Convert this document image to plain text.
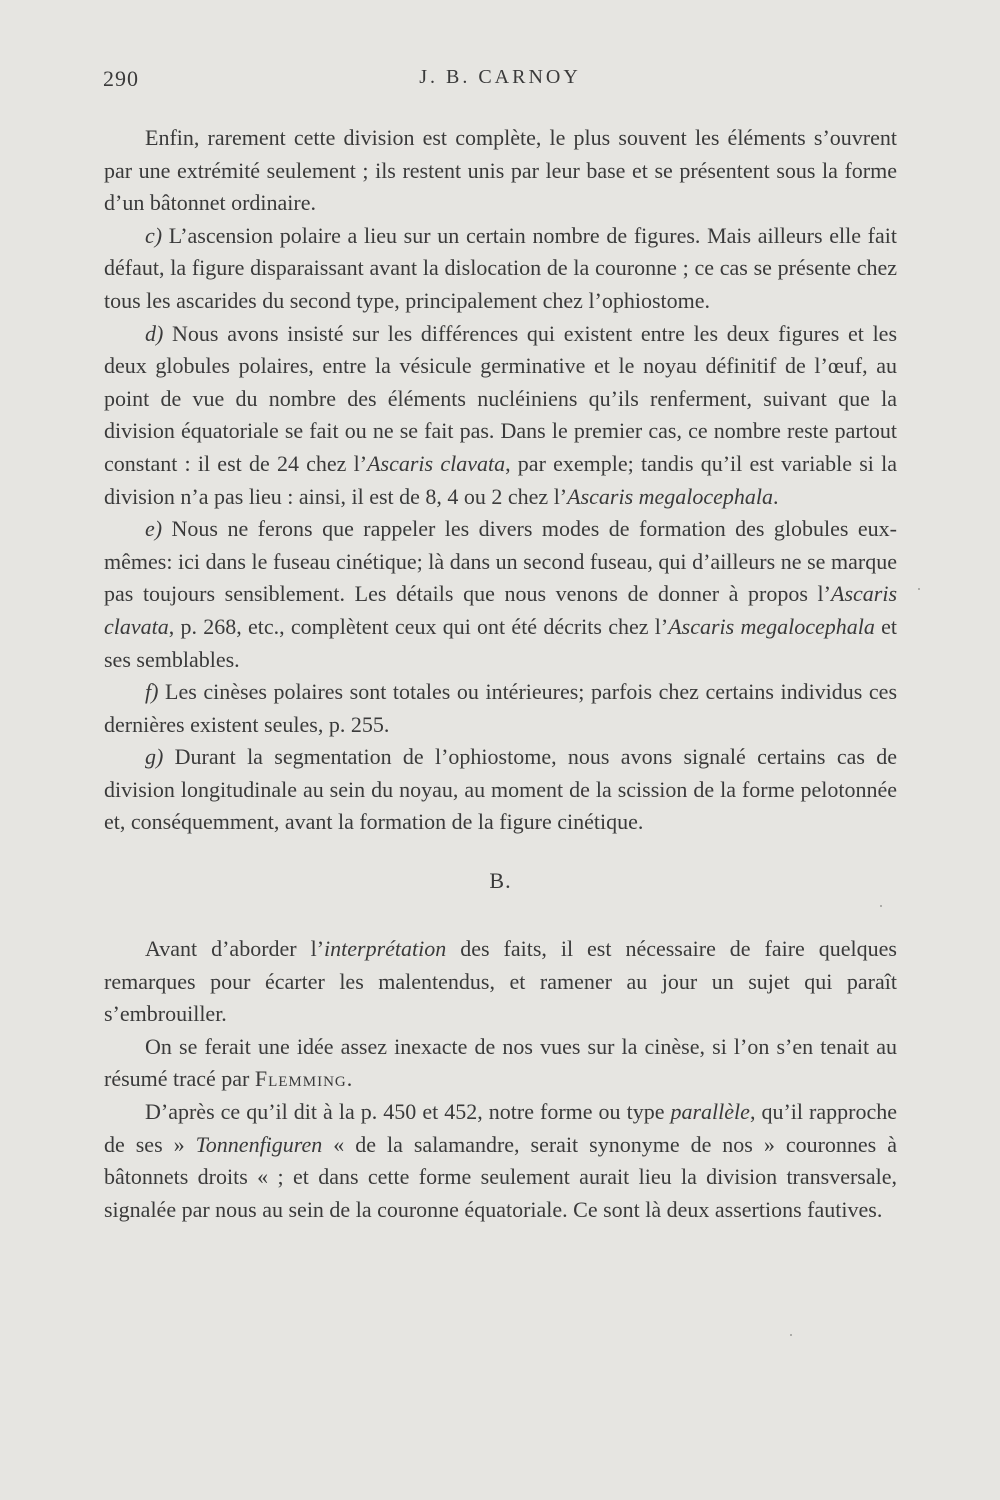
290	J. B. CARNOY

Enfin, rarement cette division est complète, le plus souvent les éléments s’ouvrent par une extrémité seulement ; ils restent unis par leur base et se présentent sous la forme d’un bâtonnet ordinaire.

c) L’ascension polaire a lieu sur un certain nombre de figures. Mais ailleurs elle fait défaut, la figure disparaissant avant la dislocation de la couronne ; ce cas se présente chez tous les ascarides du second type, principalement chez l’ophiostome.

d) Nous avons insisté sur les différences qui existent entre les deux figures et les deux globules polaires, entre la vésicule germinative et le noyau définitif de l’œuf, au point de vue du nombre des éléments nucléiniens qu’ils renferment, suivant que la division équatoriale se fait ou ne se fait pas. Dans le premier cas, ce nombre reste partout constant : il est de 24 chez l’Ascaris clavata, par exemple; tandis qu’il est variable si la division n’a pas lieu : ainsi, il est de 8, 4 ou 2 chez l’Ascaris megalocephala.

e) Nous ne ferons que rappeler les divers modes de formation des globules eux-mêmes: ici dans le fuseau cinétique; là dans un second fuseau, qui d’ailleurs ne se marque pas toujours sensiblement. Les détails que nous venons de donner à propos l’Ascaris clavata, p. 268, etc., complètent ceux qui ont été décrits chez l’Ascaris megalocephala et ses semblables.

f) Les cinèses polaires sont totales ou intérieures; parfois chez certains individus ces dernières existent seules, p. 255.

g) Durant la segmentation de l’ophiostome, nous avons signalé certains cas de division longitudinale au sein du noyau, au moment de la scission de la forme pelotonnée et, conséquemment, avant la formation de la figure cinétique.

B.

Avant d’aborder l’interprétation des faits, il est nécessaire de faire quelques remarques pour écarter les malentendus, et ramener au jour un sujet qui paraît s’embrouiller.

On se ferait une idée assez inexacte de nos vues sur la cinèse, si l’on s’en tenait au résumé tracé par Flemming.

D’après ce qu’il dit à la p. 450 et 452, notre forme ou type parallèle, qu’il rapproche de ses » Tonnenfiguren « de la salamandre, serait synonyme de nos » couronnes à bâtonnets droits « ; et dans cette forme seulement aurait lieu la division transversale, signalée par nous au sein de la couronne équatoriale. Ce sont là deux assertions fautives.
